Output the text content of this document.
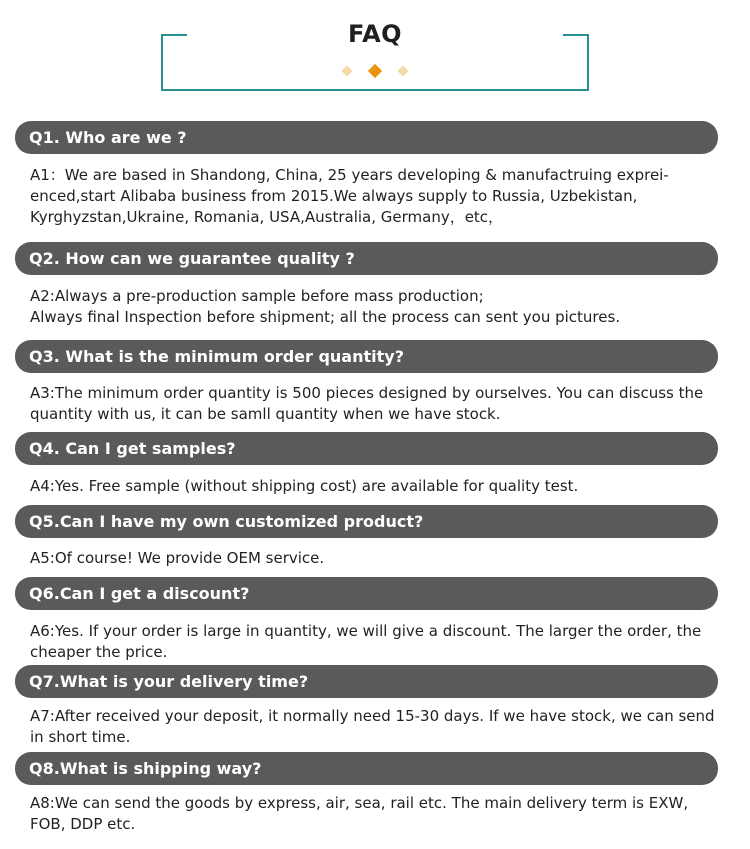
FAQ

Q1. Who are we ?

A1：We are based in Shandong, China, 25 years developing & manufactruing exprei-enced,start Alibaba business from 2015.We always supply to Russia, Uzbekistan, Kyrghyzstan,Ukraine, Romania, USA,Australia, Germany，etc，

Q2. How can we guarantee quality ?

A2:Always a pre-production sample before mass production;

Always final Inspection before shipment; all the process can sent you pictures.

Q3. What is the minimum order quantity?

A3:The minimum order quantity is 500 pieces designed by ourselves. You can discuss the quantity with us, it can be samll quantity when we have stock.

Q4. Can I get samples?

A4:Yes. Free sample (without shipping cost) are available for quality test.

Q5.Can I have my own customized product?

A5:Of course! We provide OEM service.

Q6.Can I get a discount?

A6:Yes. If your order is large in quantity, we will give a discount. The larger the order, the cheaper the price.

Q7.What is your delivery time?

A7:After received your deposit, it normally need 15-30 days. If we have stock, we can send in short time.

Q8.What is shipping way?

A8:We can send the goods by express, air, sea, rail etc. The main delivery term is EXW, FOB, DDP etc.
